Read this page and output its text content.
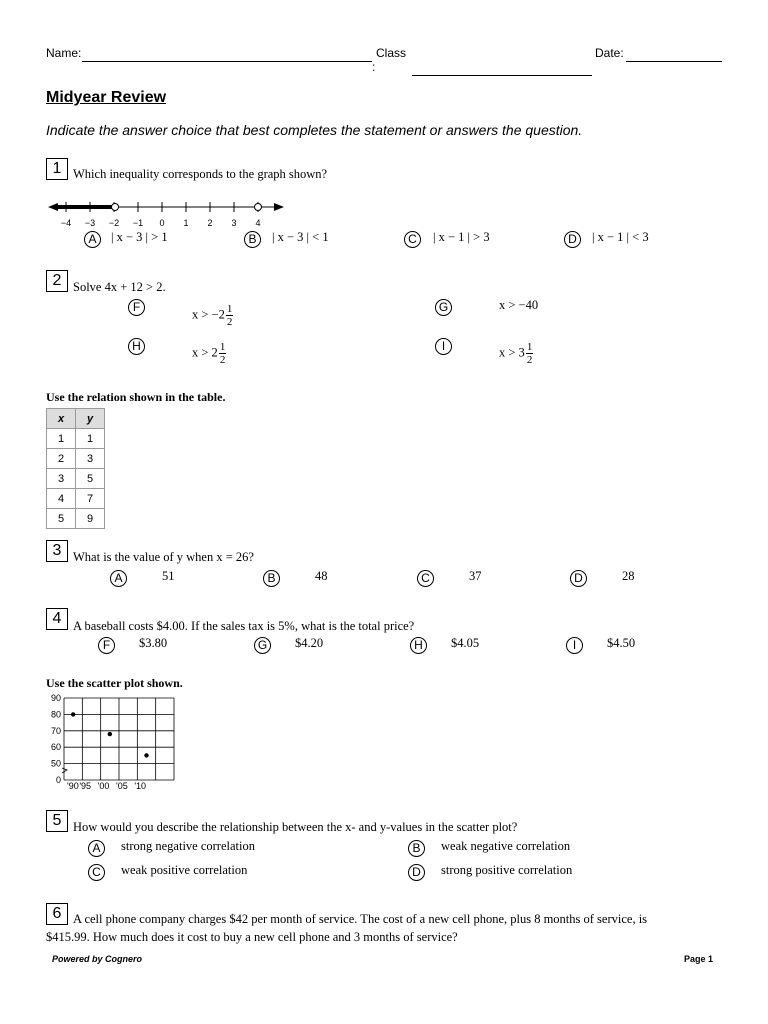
Name:	Class
:
Date:
Midyear Review
Indicate the answer choice that best completes the statement or answers the question.
1 Which inequality corresponds to the graph shown?
−4 −3 −2 −1 0 1 2 3 4
A	| x − 3 | > 1	B	| x − 3 | < 1	C	| x − 1 | > 3	D	| x − 1 | < 3
2 Solve 4x + 12 > 2.
F
$x > -2 \frac{1}{2}$	G	x > −40
H	$x > 2 \frac{1}{2}$	I	$x > 3 \frac{1}{2}$
Use the relation shown in the table.
x	y
1	1
2	3
3	5
4	7
5	9
3 What is the value of y when x = 26?
A	51	B	48	C	37	D	28
4 A baseball costs $4.00. If the sales tax is 5%, what is the total price?
F	$3.80	G	$4.20	H	$4.05	I	$4.50
Use the scatter plot shown.
0
50
60
70
80
90
'90 '95 '00 '05 '10
5 How would you describe the relationship between the x- and y-values in the scatter plot?
A	strong negative correlation	B	weak negative correlation
C	weak positive correlation	D	strong positive correlation
6 A cell phone company charges $42 per month of service. The cost of a new cell phone, plus 8 months of service, is
$415.99. How much does it cost to buy a new cell phone and 3 months of service?
Powered by Cognero	Page 1
